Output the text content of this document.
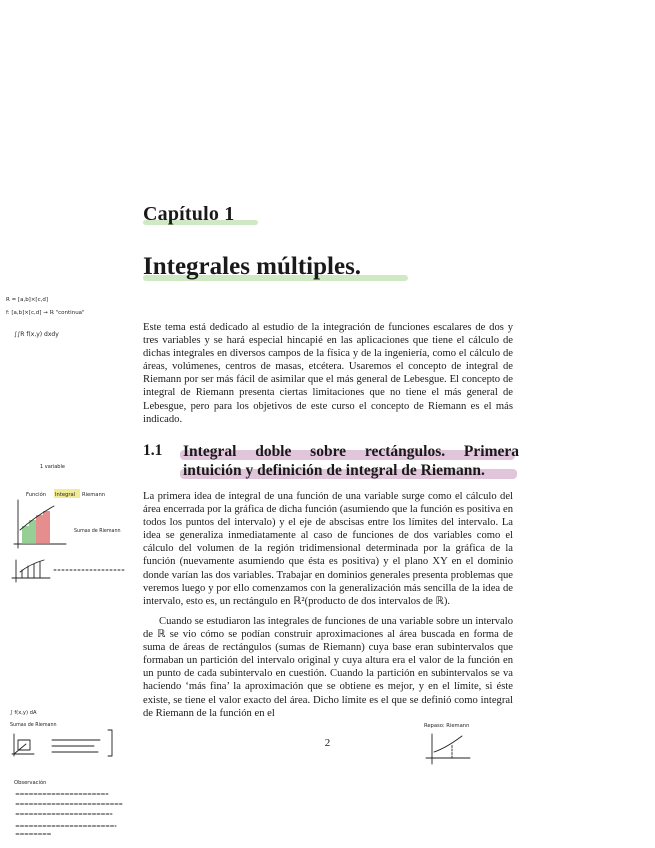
Capítulo 1
Integrales múltiples.

Este tema está dedicado al estudio de la integración de funciones escalares de dos y tres variables y se hará especial hincapié en las aplicaciones que tiene el cálculo de dichas integrales en diversos campos de la física y de la ingeniería, como el cálculo de áreas, volúmenes, centros de masas, etcétera. Usaremos el concepto de integral de Riemann por ser más fácil de asimilar que el más general de Lebesgue. El concepto de integral de Riemann presenta ciertas limitaciones que no tiene el más general de Lebesgue, pero para los objetivos de este curso el concepto de Riemann es el más indicado.

1.1 Integral doble sobre rectángulos. Primera intuición y definición de integral de Riemann.

La primera idea de integral de una función de una variable surge como el cálculo del área encerrada por la gráfica de dicha función (asumiendo que la función es positiva en todos los puntos del intervalo) y el eje de abscisas entre los límites del intervalo. La idea se generaliza inmediatamente al caso de funciones de dos variables como el cálculo del volumen de la región tridimensional determinada por la gráfica de la función (nuevamente asumiendo que ésta es positiva) y el plano XY en el dominio donde varían las dos variables. Trabajar en dominios generales presenta problemas que veremos luego y por ello comenzamos con la generalización más sencilla de la idea de intervalo, esto es, un rectángulo en ℝ²(producto de dos intervalos de ℝ).

Cuando se estudiaron las integrales de funciones de una variable sobre un intervalo de ℝ se vio cómo se podían construir aproximaciones al área buscada en forma de suma de áreas de rectángulos (sumas de Riemann) cuya base eran subintervalos que formaban un partición del intervalo original y cuya altura era el valor de la función en un punto de cada subintervalo en cuestión. Cuando la partición en subintervalos se va haciendo ‘más fina’ la aproximación que se obtiene es mejor, y en el límite, si éste existe, se tiene el valor exacto del área. Dicho límite es el que se definió como integral de Riemann de la función en el

2
R = [a,b]×[c,d]
f: [a,b]×[c,d] → ℝ "continua"
∫∫R f(x,y) dxdy
1 variable
Función Integral Riemann
Sumas de Riemann
∫ f(x,y) dA
Sumas de Riemann
Observación
Repaso: Riemann
